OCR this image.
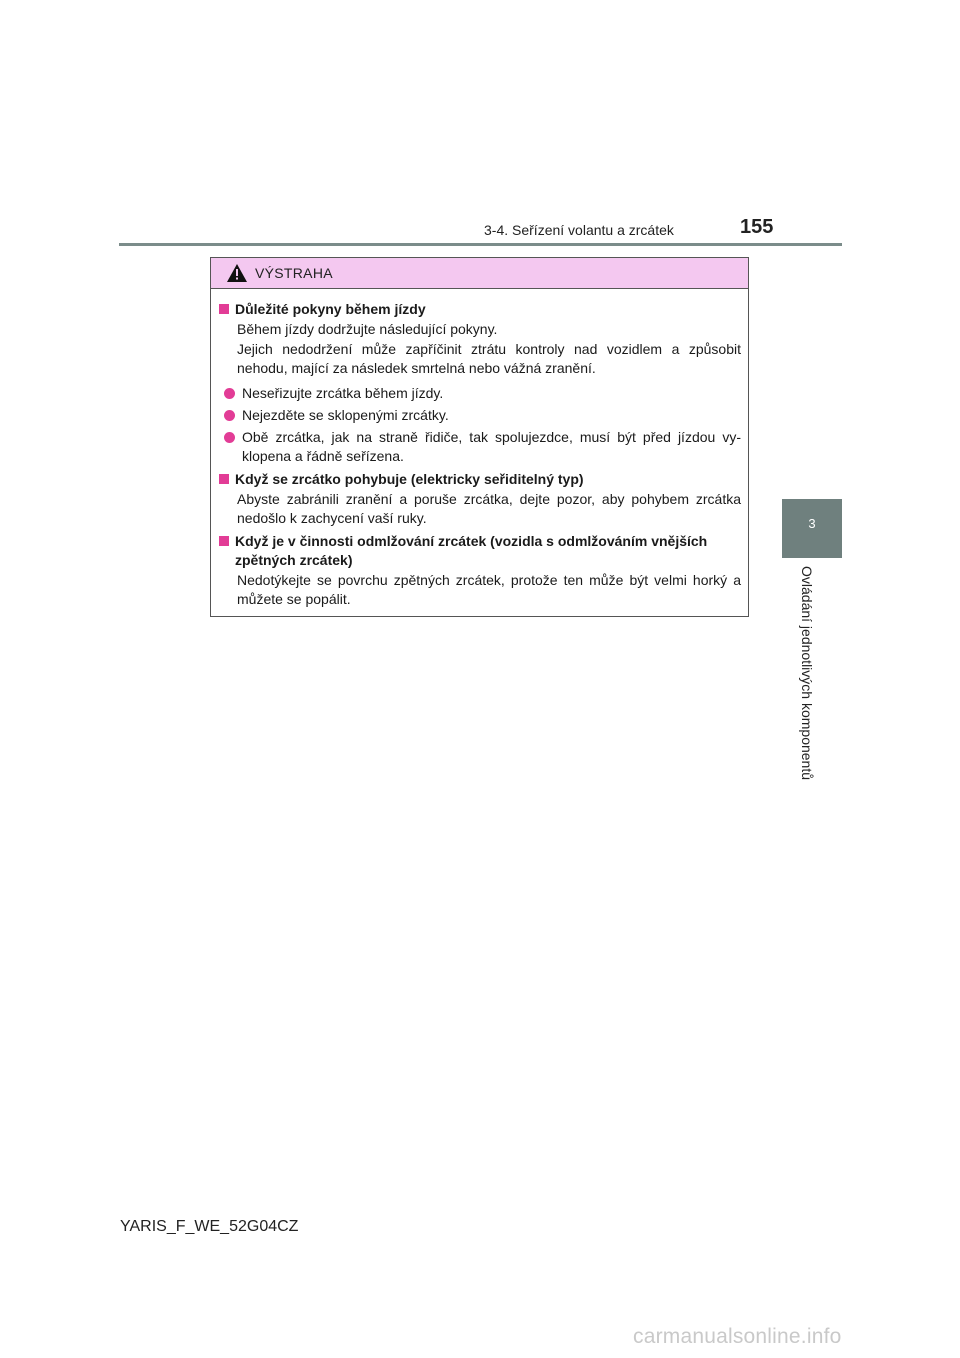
3-4. Seřízení volantu a zrcátek	155
3
Ovládání jednotlivých komponentů
VÝSTRAHA
Důležité pokyny během jízdy
Během jízdy dodržujte následující pokyny.
Jejich nedodržení může zapříčinit ztrátu kontroly nad vozidlem a způsobit nehodu, mající za následek smrtelná nebo vážná zranění.
Neseřizujte zrcátka během jízdy.
Nejezděte se sklopenými zrcátky.
Obě zrcátka, jak na straně řidiče, tak spolujezdce, musí být před jízdou vyklopena a řádně seřízena.
Když se zrcátko pohybuje (elektricky seřiditelný typ)
Abyste zabránili zranění a poruše zrcátka, dejte pozor, aby pohybem zrcátka nedošlo k zachycení vaší ruky.
Když je v činnosti odmlžování zrcátek (vozidla s odmlžováním vnějších zpětných zrcátek)
Nedotýkejte se povrchu zpětných zrcátek, protože ten může být velmi horký a můžete se popálit.
YARIS_F_WE_52G04CZ
carmanualsonline.info
